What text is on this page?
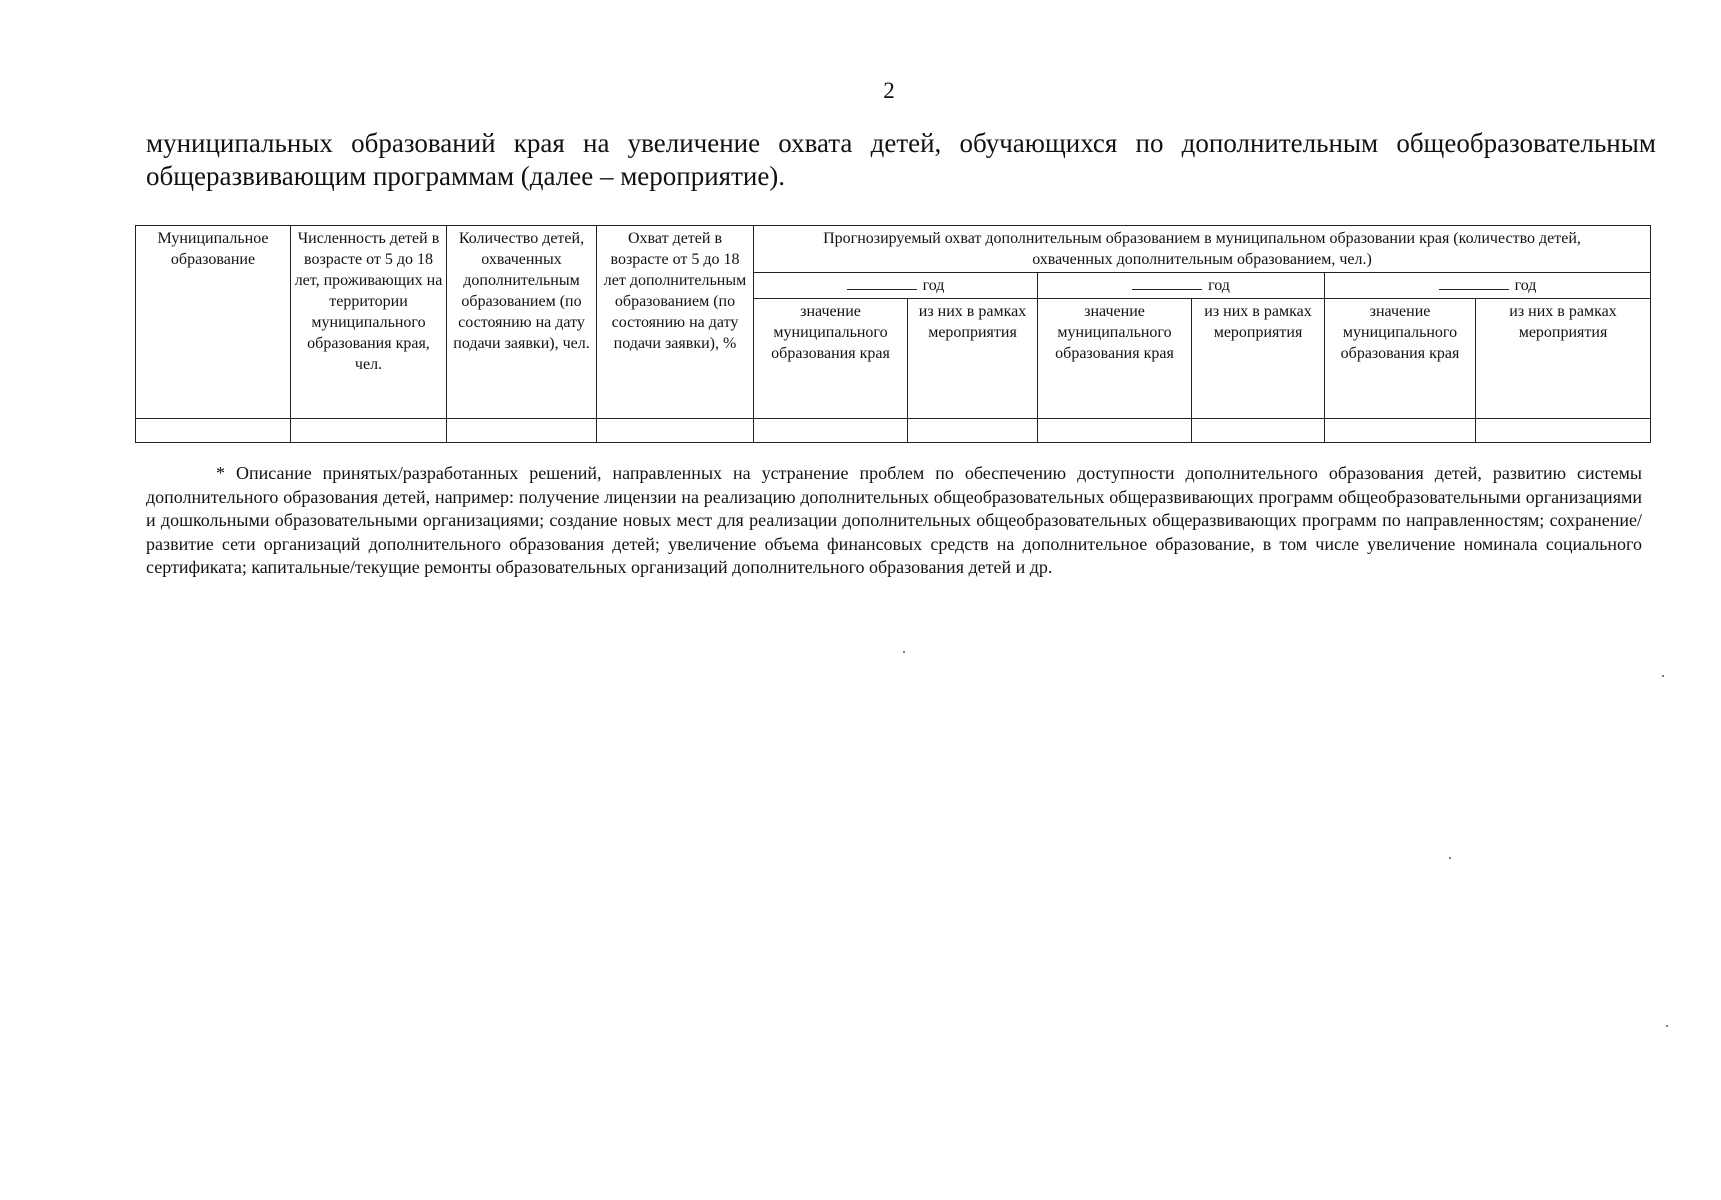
2
муниципальных образований края на увеличение охвата детей, обучающихся по дополнительным общеобразовательным общеразвивающим программам (далее – мероприятие).
Муниципальное образование	Численность детей в возрасте от 5 до 18 лет, проживающих на территории муниципального образования края, чел.	Количество детей, охваченных дополнительным образованием (по состоянию на дату подачи заявки), чел.	Охват детей в возрасте от 5 до 18 лет дополнительным образованием (по состоянию на дату подачи заявки), %	Прогнозируемый охват дополнительным образованием в муниципальном образовании края (количество детей, охваченных дополнительным образованием, чел.)					
				год		год		год	
				значение муниципального образования края	из них в рамках мероприятия	значение муниципального образования края	из них в рамках мероприятия	значение муниципального образования края	из них в рамках мероприятия

* Описание принятых/разработанных решений, направленных на устранение проблем по обеспечению доступности дополнительного образования детей, развитию системы дополнительного образования детей, например: получение лицензии на реализацию дополнительных общеобразовательных общеразвивающих программ общеобразовательными организациями и дошкольными образовательными организациями; создание новых мест для реализации дополнительных общеобразовательных общеразвивающих программ по направленностям; сохранение/развитие сети организаций дополнительного образования детей; увеличение объема финансовых средств на дополнительное образование, в том числе увеличение номинала социального сертификата; капитальные/текущие ремонты образовательных организаций дополнительного образования детей и др.
